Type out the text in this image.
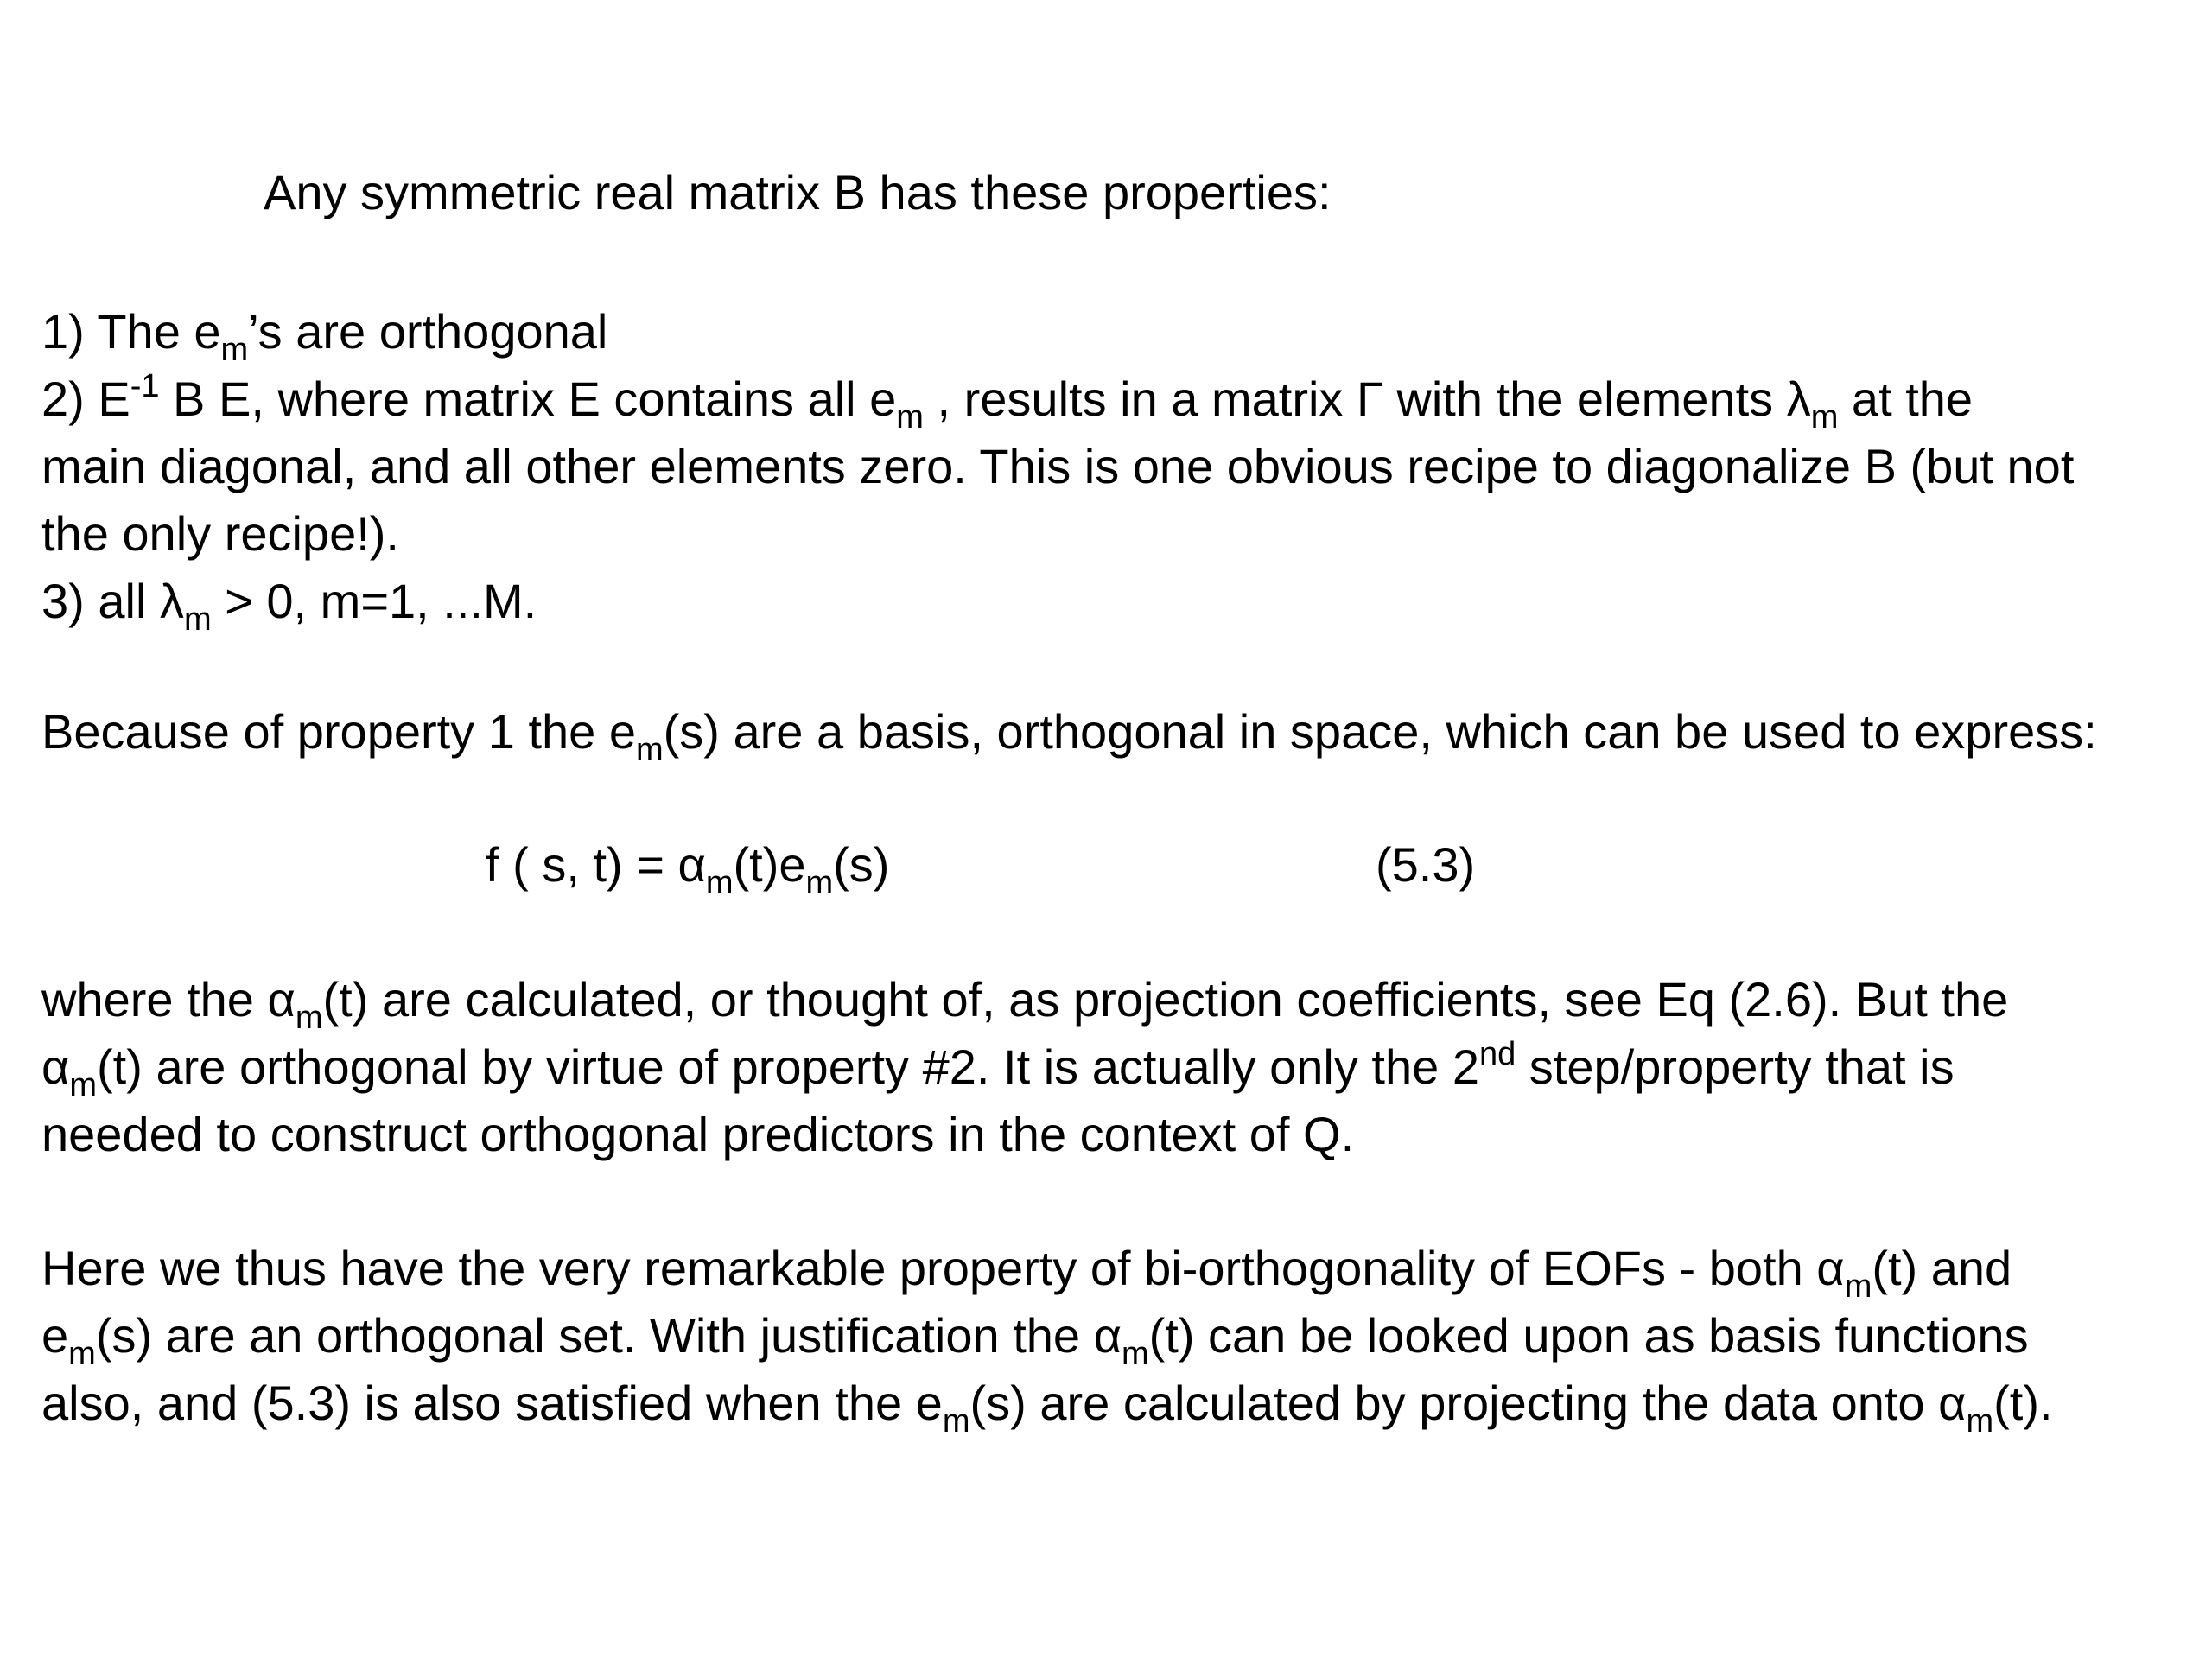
Any symmetric real matrix B has these properties:
1) The $e_m’s$ are orthogonal
2) $E^{-1}$ B E, where matrix E contains all $e_m$ , results in a matrix Γ with the elements $\lambda_m$ at the
main diagonal, and all other elements zero. This is one obvious recipe to diagonalize B (but not
the only recipe!).
3) all $\lambda_m > 0$, m=1, ...M.
Because of property 1 the $e_m(s)$ are a basis, orthogonal in space, which can be used to express:
f ( s, $t) = \alpha_m(t)e_m(s)$	(5.3)
where the $\alpha_m(t)$ are calculated, or thought of, as projection coefficients, see Eq (2.6). But the
$\alpha_m(t)$ are orthogonal by virtue of property #2. It is actually only the 2nd step/property that is
needed to construct orthogonal predictors in the context of Q.
Here we thus have the very remarkable property of bi-orthogonality of EOFs - both $\alpha_m(t)$ and
$e_m(s)$ are an orthogonal set. With justification the $\alpha_m(t)$ can be looked upon as basis functions
also, and (5.3) is also satisfied when the $e_m(s)$ are calculated by projecting the data onto $\alpha_m(t)$.
